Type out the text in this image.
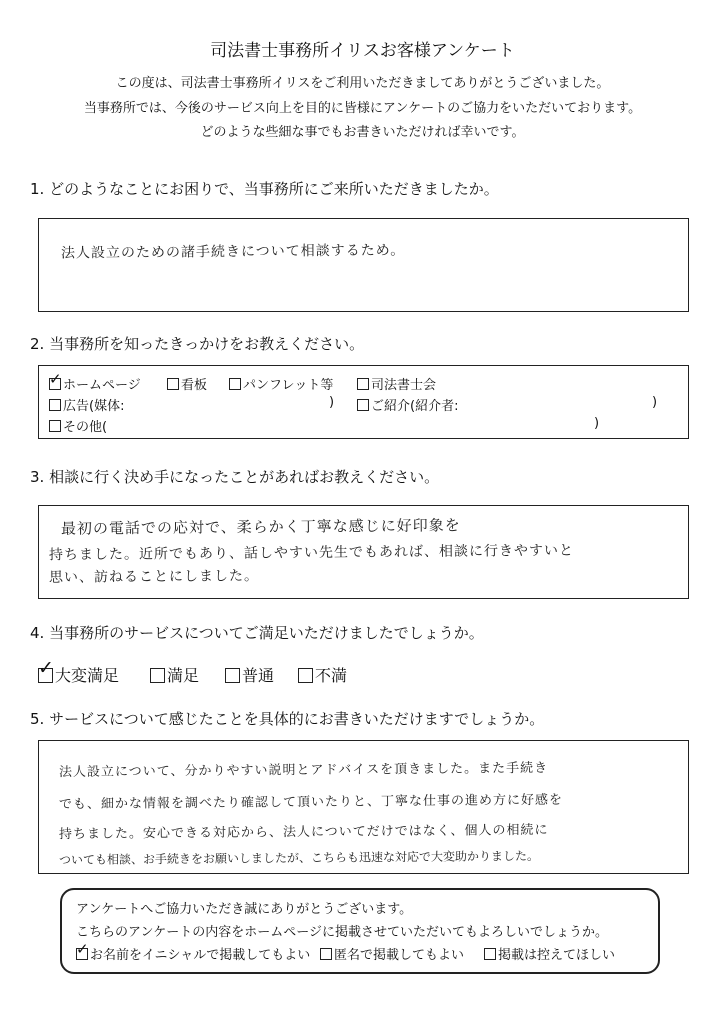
司法書士事務所イリスお客様アンケート
この度は、司法書士事務所イリスをご利用いただきましてありがとうございました。
当事務所では、今後のサービス向上を目的に皆様にアンケートのご協力をいただいております。
どのような些細な事でもお書きいただければ幸いです。
1. どのようなことにお困りで、当事務所にご来所いただきましたか。
法人設立のための諸手続きについて相談するため。
2. 当事務所を知ったきっかけをお教えください。
✓ホームページ	看板	パンフレット等	司法書士会
広告(媒体:	)	ご紹介(紹介者:	)
その他(	)
3. 相談に行く決め手になったことがあればお教えください。
最初の電話での応対で、柔らかく丁寧な感じに好印象を
持ちました。近所でもあり、話しやすい先生でもあれば、相談に行きやすいと
思い、訪ねることにしました。
4. 当事務所のサービスについてご満足いただけましたでしょうか。
✓大変満足	満足	普通	不満
5. サービスについて感じたことを具体的にお書きいただけますでしょうか。
法人設立について、分かりやすい説明とアドバイスを頂きました。また手続き
でも、細かな情報を調べたり確認して頂いたりと、丁寧な仕事の進め方に好感を
持ちました。安心できる対応から、法人についてだけではなく、個人の相続に
ついても相談、お手続きをお願いしましたが、こちらも迅速な対応で大変助かりました。
アンケートへご協力いただき誠にありがとうございます。
こちらのアンケートの内容をホームページに掲載させていただいてもよろしいでしょうか。
✓お名前をイニシャルで掲載してもよい	匿名で掲載してもよい	掲載は控えてほしい
